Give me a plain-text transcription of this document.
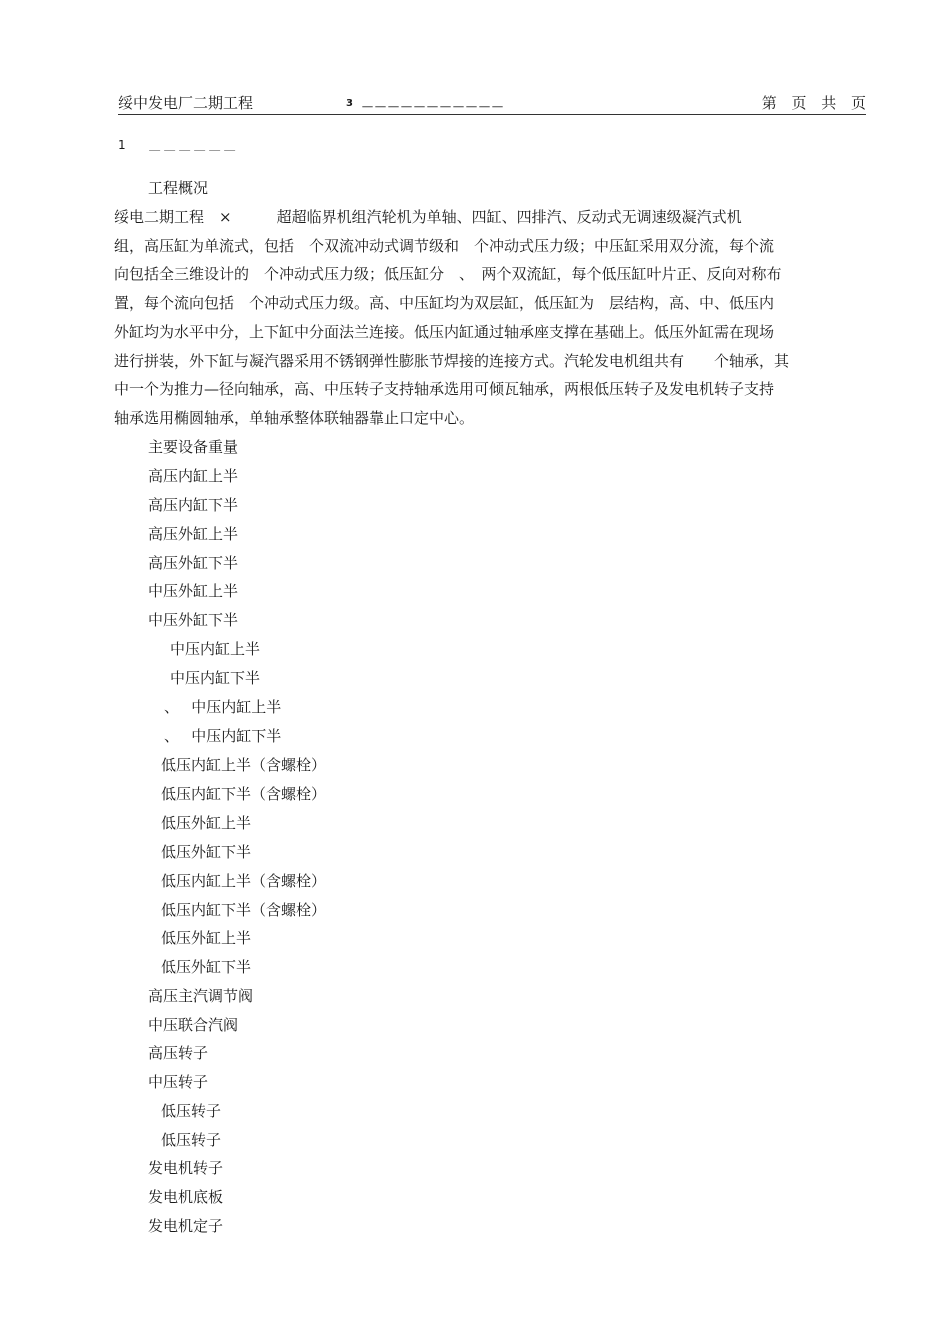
绥中发电厂二期工程	3 ＿＿＿＿＿＿＿＿＿＿＿	第 页 共 页
1 ＿＿＿＿＿＿
工程概况
绥电二期工程　×　　　超超临界机组汽轮机为单轴、四缸、四排汽、反动式无调速级凝汽式机
组，高压缸为单流式，包括　个双流冲动式调节级和　个冲动式压力级；中压缸采用双分流，每个流
向包括全三维设计的　个冲动式压力级；低压缸分　、　两个双流缸，每个低压缸叶片正、反向对称布
置，每个流向包括　个冲动式压力级。高、中压缸均为双层缸，低压缸为　层结构，高、中、低压内
外缸均为水平中分，上下缸中分面法兰连接。低压内缸通过轴承座支撑在基础上。低压外缸需在现场
进行拼装，外下缸与凝汽器采用不锈钢弹性膨胀节焊接的连接方式。汽轮发电机组共有　　个轴承，其
中一个为推力—径向轴承，高、中压转子支持轴承选用可倾瓦轴承，两根低压转子及发电机转子支持
轴承选用椭圆轴承，单轴承整体联轴器靠止口定中心。
主要设备重量
高压内缸上半
高压内缸下半
高压外缸上半
高压外缸下半
中压外缸上半
中压外缸下半
中压内缸上半
中压内缸下半
、　 中压内缸上半
、　 中压内缸下半
低压内缸上半（含螺栓）
低压内缸下半（含螺栓）
低压外缸上半
低压外缸下半
低压内缸上半（含螺栓）
低压内缸下半（含螺栓）
低压外缸上半
低压外缸下半
高压主汽调节阀
中压联合汽阀
高压转子
中压转子
低压转子
低压转子
发电机转子
发电机底板
发电机定子
